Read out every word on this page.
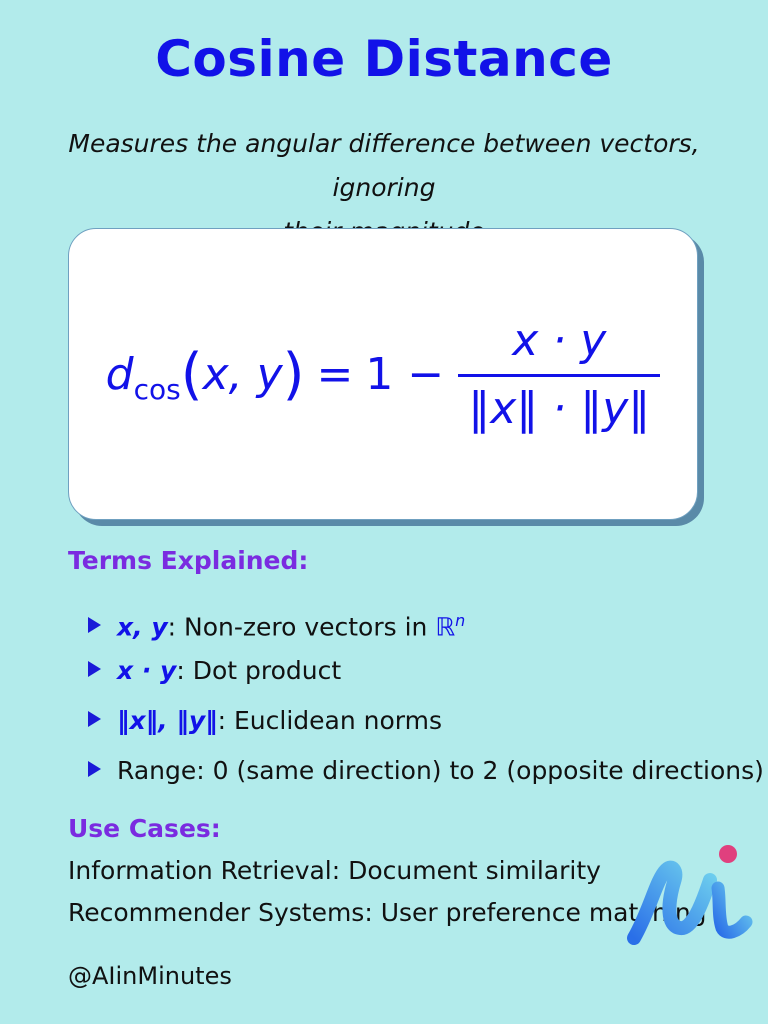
Cosine Distance
Measures the angular difference between vectors, ignoring
$d_{cos}(x$, $y) = 1 - \frac{x \cdot y}{‖x‖ \cdot ‖y‖}$
Terms Explained:
x, y: Non-zero vectors in ℝ$^n$
x · y: Dot product
‖x‖, ‖y‖: Euclidean norms
Range: 0 (same direction) to 2 (opposite directions)
Use Cases:
Information Retrieval: Document similarity
Recommender Systems: User preference matching
@AIinMinutes
